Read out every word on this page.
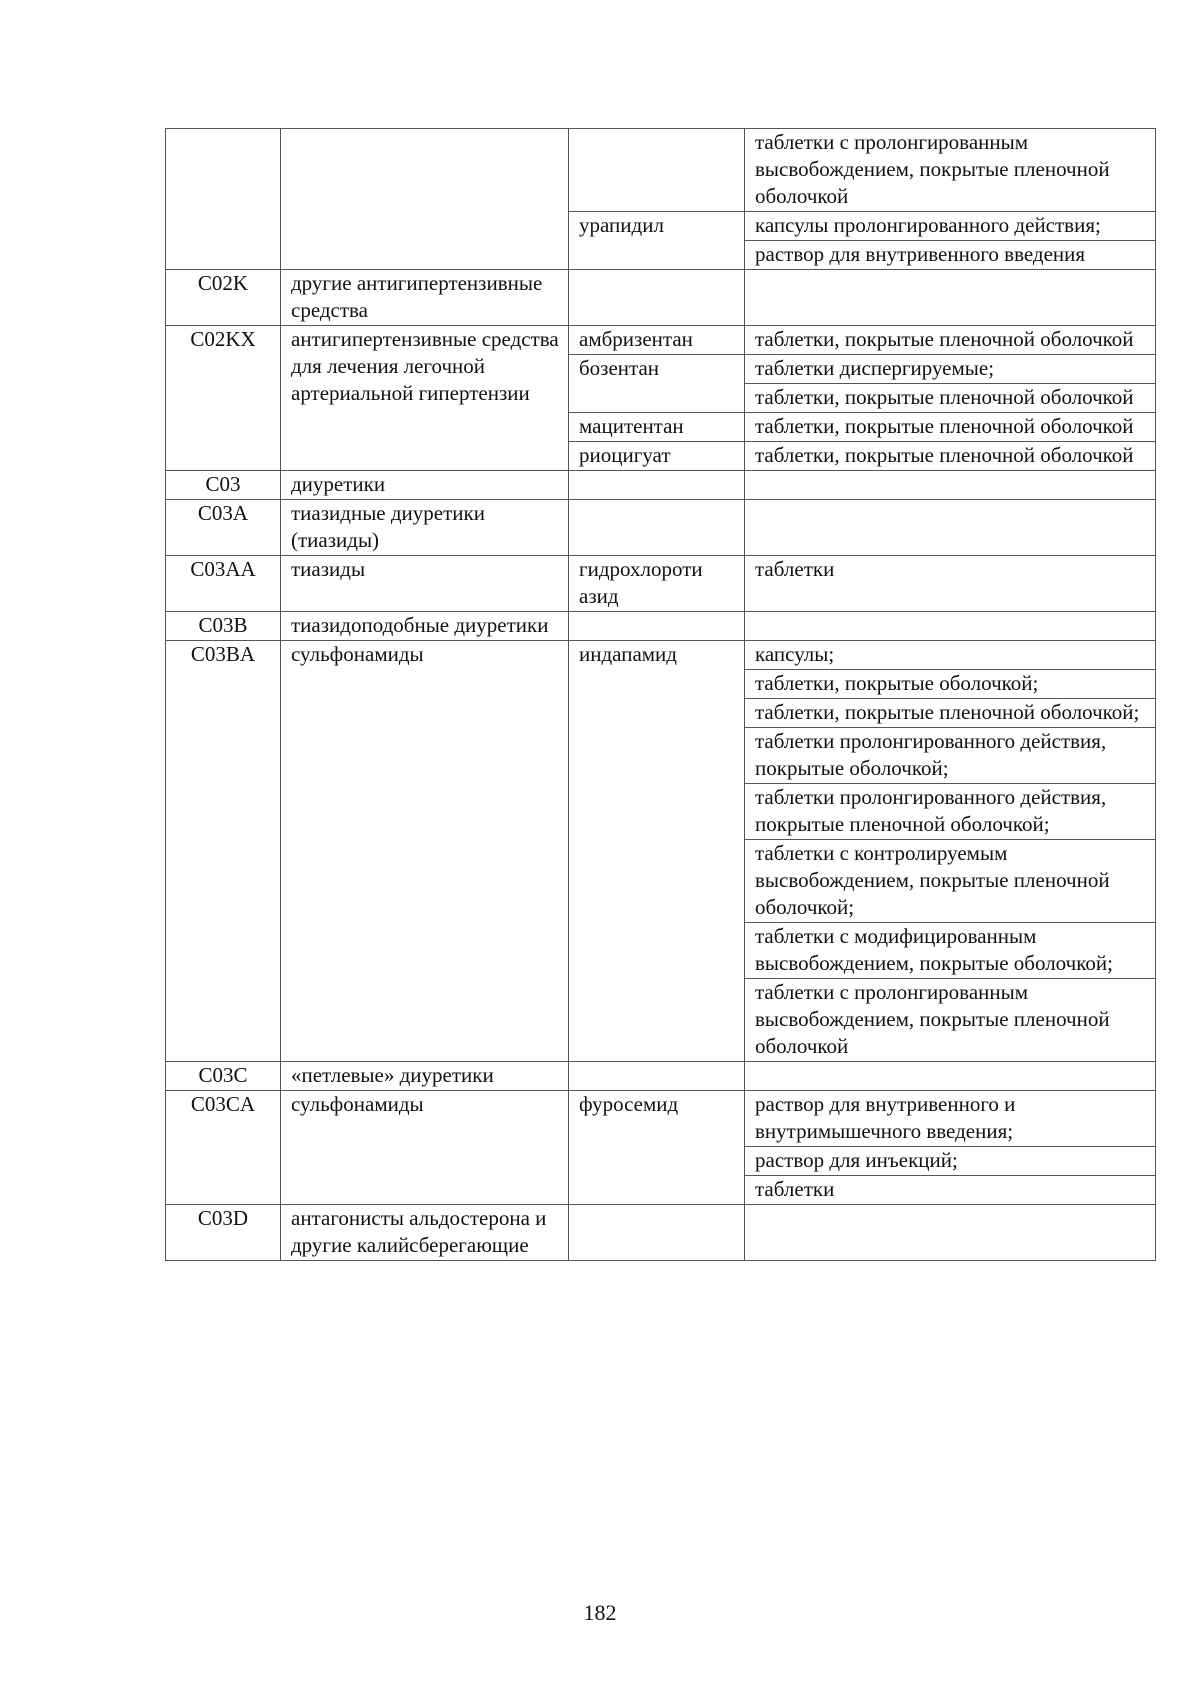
			таблетки с пролонгированным высвобождением, покрытые пленочной оболочкой
		урапидил	капсулы пролонгированного действия;
			раствор для внутривенного введения
C02K	другие антигипертензивные средства		
C02KX	антигипертензивные средства для лечения легочной артериальной гипертензии	амбризентан	таблетки, покрытые пленочной оболочкой
		бозентан	таблетки диспергируемые;
			таблетки, покрытые пленочной оболочкой
		мацитентан	таблетки, покрытые пленочной оболочкой
		риоцигуат	таблетки, покрытые пленочной оболочкой
C03	диуретики		
C03A	тиазидные диуретики (тиазиды)		
C03AA	тиазиды	гидрохлороти азид	таблетки
C03B	тиазидоподобные диуретики		
C03BA	сульфонамиды	индапамид	капсулы;
			таблетки, покрытые оболочкой;
			таблетки, покрытые пленочной оболочкой;
			таблетки пролонгированного действия, покрытые оболочкой;
			таблетки пролонгированного действия, покрытые пленочной оболочкой;
			таблетки с контролируемым высвобождением, покрытые пленочной оболочкой;
			таблетки с модифицированным высвобождением, покрытые оболочкой;
			таблетки с пролонгированным высвобождением, покрытые пленочной оболочкой
C03C	«петлевые» диуретики		
C03CA	сульфонамиды	фуросемид	раствор для внутривенного и внутримышечного введения;
			раствор для инъекций;
			таблетки
C03D	антагонисты альдостерона и другие калийсберегающие		
182
